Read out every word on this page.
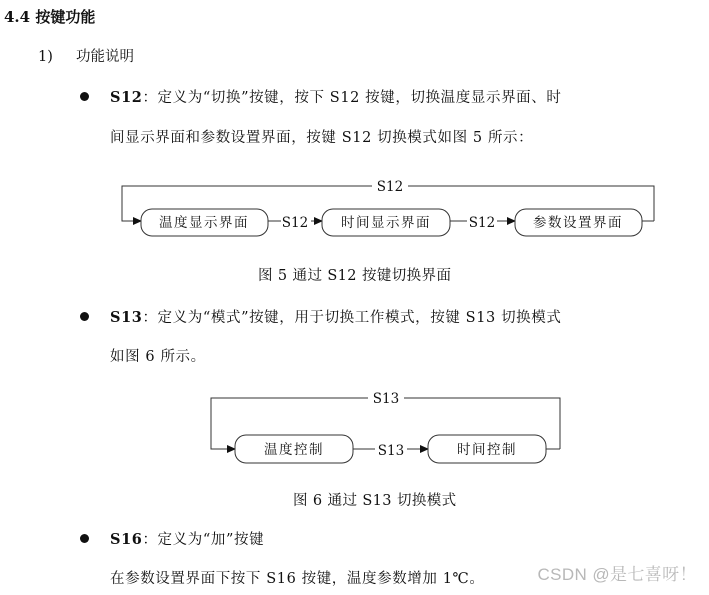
4.4 按键功能
1) 功能说明
S12：定义为“切换”按键，按下 S12 按键，切换温度显示界面、时
间显示界面和参数设置界面，按键 S12 切换模式如图 5 所示：
S12
温度显示界面 S12 时间显示界面	S12	参数设置界面
图 5 通过 S12 按键切换界面
S13：定义为“模式”按键，用于切换工作模式，按键 S13 切换模式
如图 6 所示。
S13
温度控制	S13	时间控制
图 6 通过 S13 切换模式
S16：定义为“加”按键
在参数设置界面下按下 S16 按键，温度参数增加 1℃。	CSDN @是七喜呀！
